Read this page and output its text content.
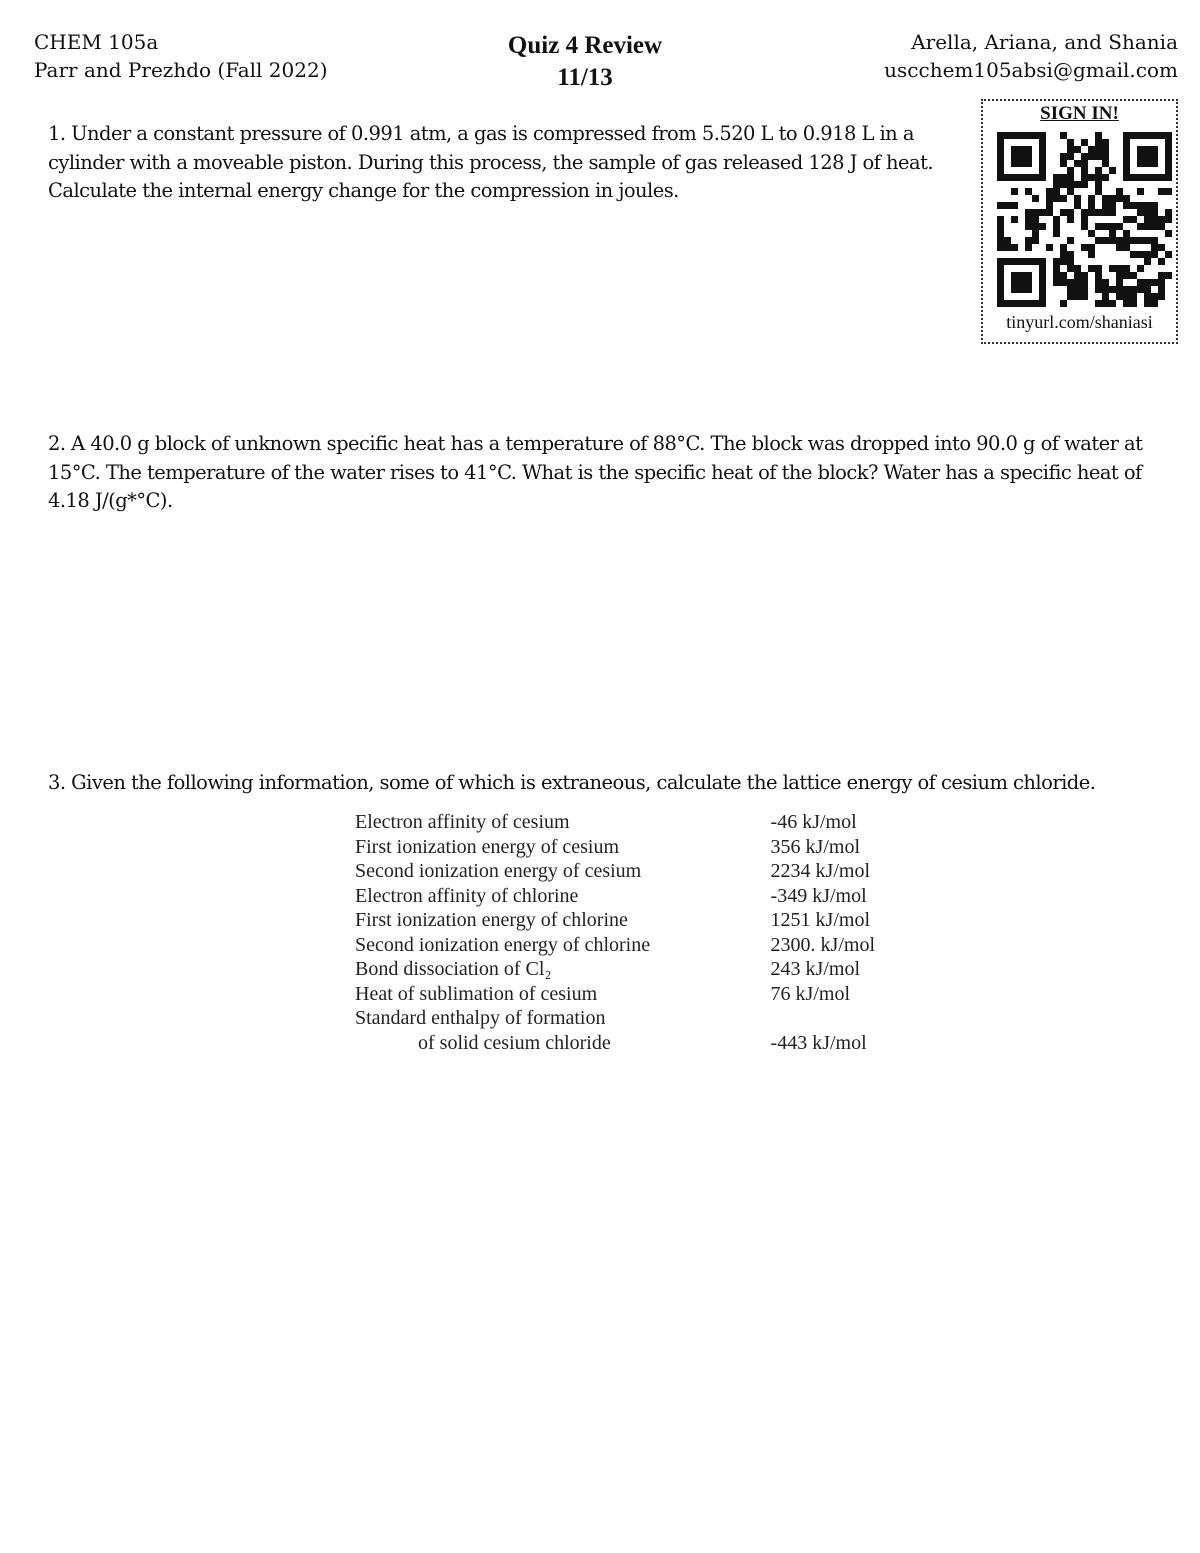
CHEM 105a
Parr and Prezhdo (Fall 2022)
Quiz 4 Review
11/13
Arella, Ariana, and Shania
uscchem105absi@gmail.com
SIGN IN!
tinyurl.com/shaniasi
1. Under a constant pressure of 0.991 atm, a gas is compressed from 5.520 L to 0.918 L in a cylinder with a moveable piston. During this process, the sample of gas released 128 J of heat. Calculate the internal energy change for the compression in joules.
2. A 40.0 g block of unknown specific heat has a temperature of 88°C. The block was dropped into 90.0 g of water at 15°C. The temperature of the water rises to 41°C. What is the specific heat of the block? Water has a specific heat of 4.18 J/(g*°C).
3. Given the following information, some of which is extraneous, calculate the lattice energy of cesium chloride.
Electron affinity of cesium	-46 kJ/mol
First ionization energy of cesium	356 kJ/mol
Second ionization energy of cesium	2234 kJ/mol
Electron affinity of chlorine	-349 kJ/mol
First ionization energy of chlorine	1251 kJ/mol
Second ionization energy of chlorine	2300. kJ/mol
Bond dissociation of Cl₂	243 kJ/mol
Heat of sublimation of cesium	76 kJ/mol
Standard enthalpy of formation	
of solid cesium chloride	-443 kJ/mol
